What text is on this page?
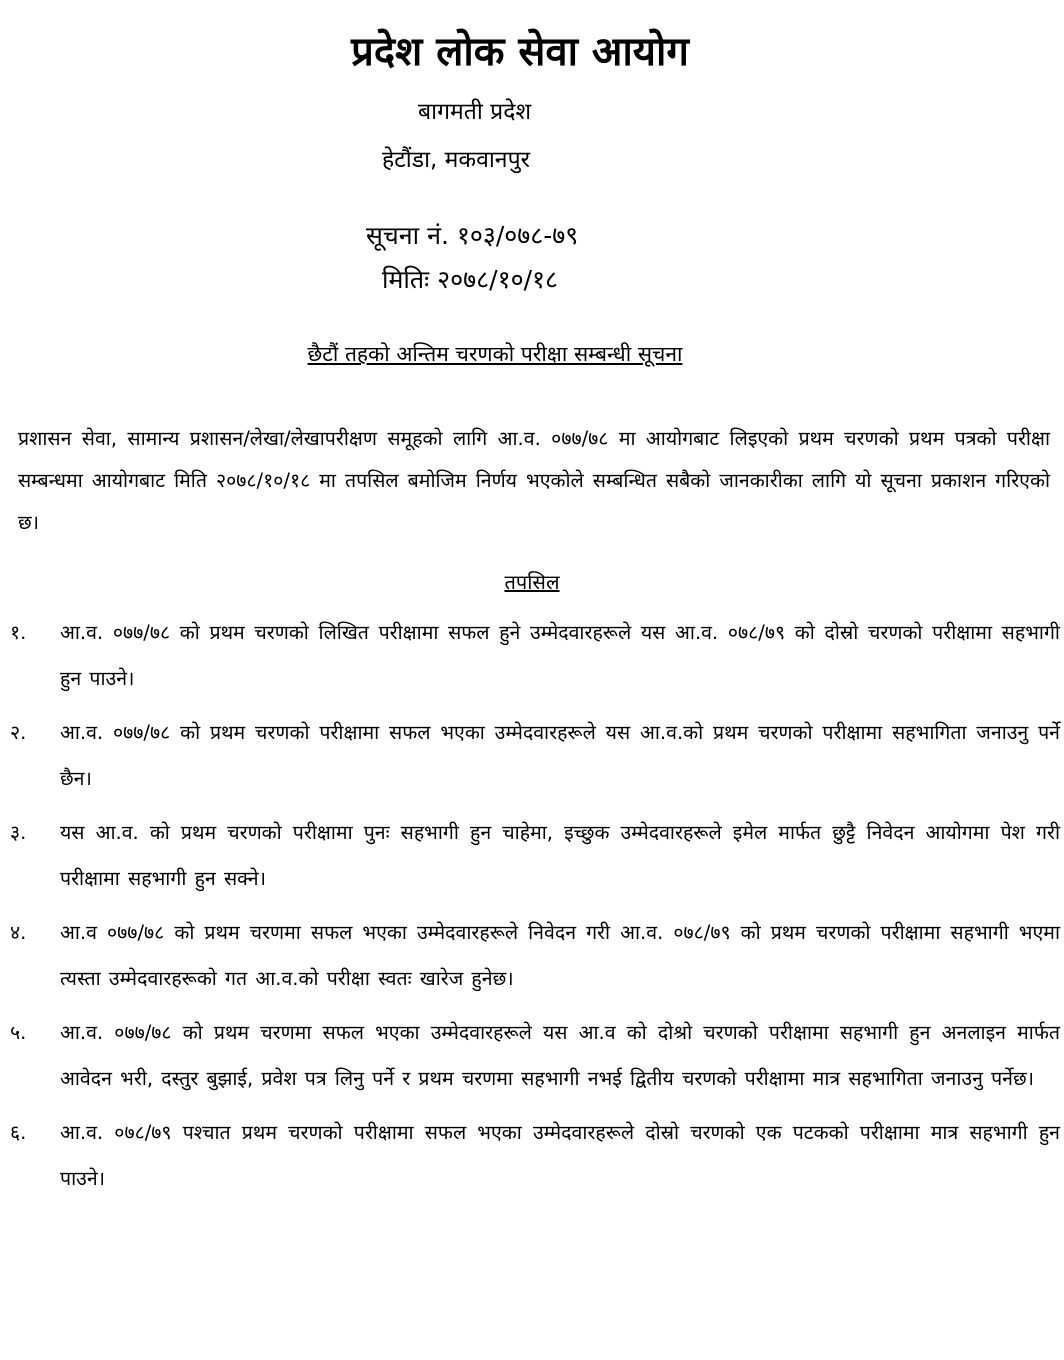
प्रदेश लोक सेवा आयोग
बागमती प्रदेश
हेटौंडा, मकवानपुर
सूचना नं. १०३/०७८-७९
मितिः २०७८/१०/१८
छैटौं तहको अन्तिम चरणको परीक्षा सम्बन्धी सूचना
प्रशासन सेवा, सामान्य प्रशासन/लेखा/लेखापरीक्षण समूहको लागि आ.व. ०७७/७८ मा आयोगबाट लिइएको प्रथम चरणको प्रथम पत्रको परीक्षा सम्बन्धमा आयोगबाट मिति २०७८/१०/१८ मा तपसिल बमोजिम निर्णय भएकोले सम्बन्धित सबैको जानकारीका लागि यो सूचना प्रकाशन गरिएको छ।
तपसिल
१. आ.व. ०७७/७८ को प्रथम चरणको लिखित परीक्षामा सफल हुने उम्मेदवारहरूले यस आ.व. ०७८/७९ को दोस्रो चरणको परीक्षामा सहभागी हुन पाउने।
२. आ.व. ०७७/७८ को प्रथम चरणको परीक्षामा सफल भएका उम्मेदवारहरूले यस आ.व.को प्रथम चरणको परीक्षामा सहभागिता जनाउनु पर्ने छैन।
३. यस आ.व. को प्रथम चरणको परीक्षामा पुनः सहभागी हुन चाहेमा, इच्छुक उम्मेदवारहरूले इमेल मार्फत छुट्टै निवेदन आयोगमा पेश गरी परीक्षामा सहभागी हुन सक्ने।
४. आ.व ०७७/७८ को प्रथम चरणमा सफल भएका उम्मेदवारहरूले निवेदन गरी आ.व. ०७८/७९ को प्रथम चरणको परीक्षामा सहभागी भएमा त्यस्ता उम्मेदवारहरूको गत आ.व.को परीक्षा स्वतः खारेज हुनेछ।
५. आ.व. ०७७/७८ को प्रथम चरणमा सफल भएका उम्मेदवारहरूले यस आ.व को दोश्रो चरणको परीक्षामा सहभागी हुन अनलाइन मार्फत आवेदन भरी, दस्तुर बुझाई, प्रवेश पत्र लिनु पर्ने र प्रथम चरणमा सहभागी नभई द्वितीय चरणको परीक्षामा मात्र सहभागिता जनाउनु पर्नेछ।
६. आ.व. ०७८/७९ पश्चात प्रथम चरणको परीक्षामा सफल भएका उम्मेदवारहरूले दोस्रो चरणको एक पटकको परीक्षामा मात्र सहभागी हुन पाउने।
